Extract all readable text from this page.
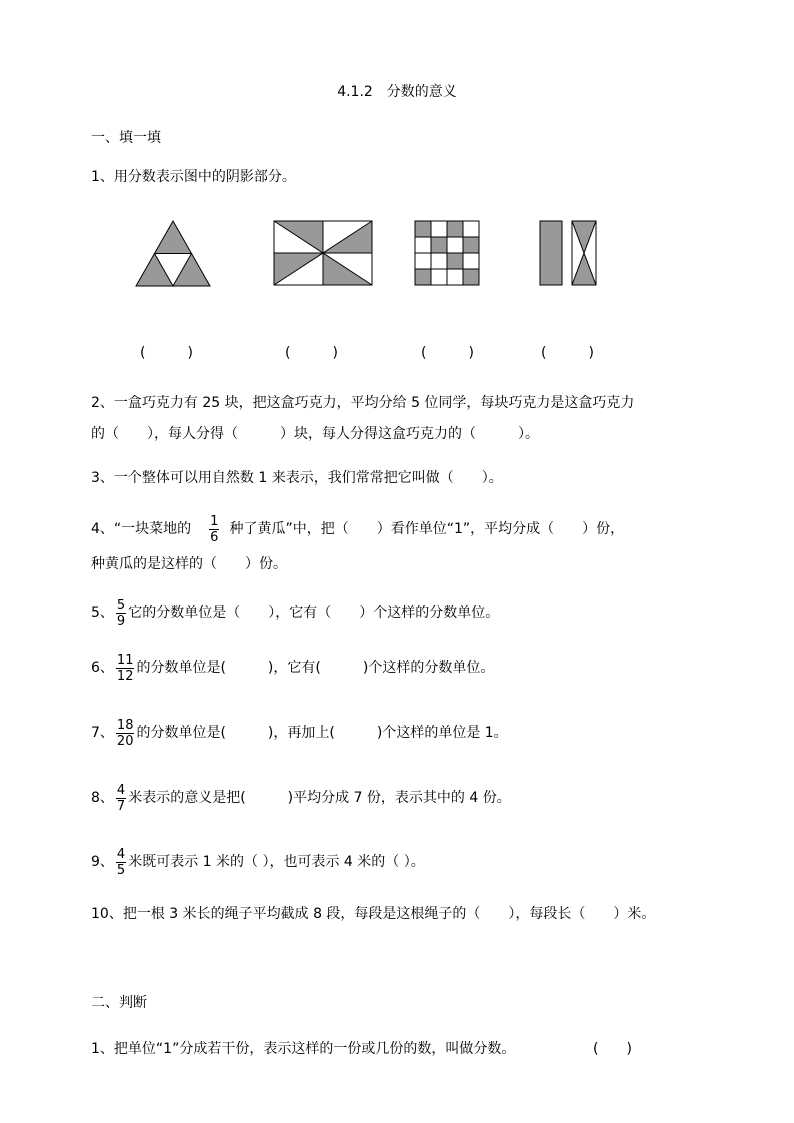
4.1.2　分数的意义
一、填一填
1、用分数表示图中的阴影部分。
(　　　)	(　　　)	(　　　)	(　　　)
2、一盒巧克力有 25 块，把这盒巧克力，平均分给 5 位同学，每块巧克力是这盒巧克力
的（　　），每人分得（　　　）块，每人分得这盒巧克力的（　　　）。
3、一个整体可以用自然数 1 来表示，我们常常把它叫做（　　）。
4、“一块菜地的 $\frac{1}{6}$ 种了黄瓜”中，把（　　）看作单位“1”，平均分成（　　）份，
种黄瓜的是这样的（　　）份。
5、 $\frac{5}{9}$ 它的分数单位是（　　），它有（　　）个这样的分数单位。
6、 $\frac{11}{12}$ 的分数单位是(　　　)，它有(　　　)个这样的分数单位。
7、 $\frac{18}{20}$ 的分数单位是(　　　)，再加上(　　　)个这样的单位是 1。
8、 $\frac{4}{7}$ 米表示的意义是把(　　　)平均分成 7 份，表示其中的 4 份。
9、 $\frac{4}{5}$ 米既可表示 1 米的（ ），也可表示 4 米的（ ）。
10、把一根 3 米长的绳子平均截成 8 段，每段是这根绳子的（　　），每段长（　　）米。
二、判断
1、把单位“1”分成若干份，表示这样的一份或几份的数，叫做分数。	(　　)
